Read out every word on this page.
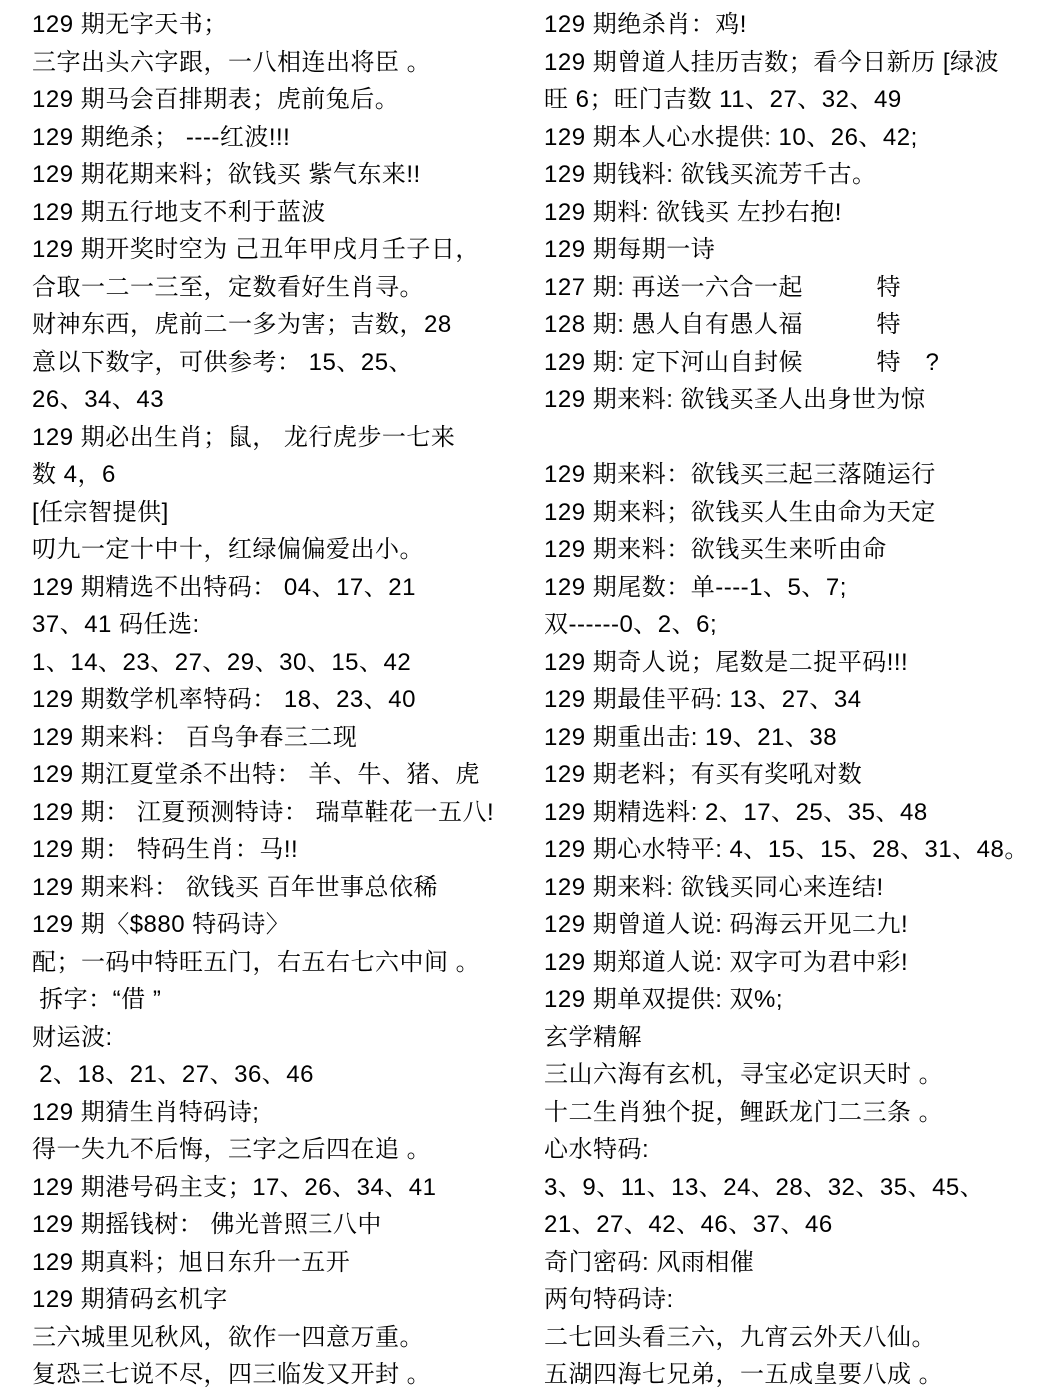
129 期无字天书；
三字出头六字跟，一八相连出将臣 。
129 期马会百排期表；虎前兔后。
129 期绝杀； ----红波!!!
129 期花期来料；欲钱买 紫气东来!!
129 期五行地支不利于蓝波
129 期开奖时空为 己丑年甲戌月壬子日，
合取一二一三至，定数看好生肖寻。
财神东西，虎前二一多为害；吉数，28
意以下数字，可供参考： 15、25、
26、34、43
129 期必出生肖；鼠， 龙行虎步一七来
数 4，6
[任宗智提供]
叨九一定十中十，红绿偏偏爱出小。
129 期精选不出特码： 04、17、21
37、41 码任选:
1、14、23、27、29、30、15、42
129 期数学机率特码： 18、23、40
129 期来料： 百鸟争春三二现
129 期江夏堂杀不出特： 羊、牛、猪、虎
129 期： 江夏预测特诗： 瑞草鞋花一五八!
129 期： 特码生肖：马!!
129 期来料： 欲钱买 百年世事总依稀
129 期〈$880 特码诗〉
配；一码中特旺五门，右五右七六中间 。
拆字：“借 ”
财运波:
2、18、21、27、36、46
129 期猜生肖特码诗;
得一失九不后悔，三字之后四在追 。
129 期港号码主支；17、26、34、41
129 期摇钱树： 佛光普照三八中
129 期真料；旭日东升一五开
129 期猜码玄机字
三六城里见秋风，欲作一四意万重。
复恐三七说不尽，四三临发又开封 。
129 期绝杀肖：鸡!
129 期曾道人挂历吉数；看今日新历 [绿波
旺 6；旺门吉数 11、27、32、49
129 期本人心水提供: 10、26、42;
129 期钱料: 欲钱买流芳千古。
129 期料: 欲钱买 左抄右抱!
129 期每期一诗
127 期: 再送一六合一起　　　特
128 期: 愚人自有愚人福　　　特
129 期: 定下河山自封候　　　特　?
129 期来料: 欲钱买圣人出身世为惊
129 期来料：欲钱买三起三落随运行
129 期来料；欲钱买人生由命为天定
129 期来料：欲钱买生来听由命
129 期尾数：单----1、5、7;
双------0、2、6;
129 期奇人说；尾数是二捉平码!!!
129 期最佳平码: 13、27、34
129 期重出击: 19、21、38
129 期老料；有买有奖吼对数
129 期精选料: 2、17、25、35、48
129 期心水特平: 4、15、15、28、31、48。
129 期来料: 欲钱买同心来连结!
129 期曾道人说: 码海云开见二九!
129 期郑道人说: 双字可为君中彩!
129 期单双提供: 双%;
玄学精解
三山六海有玄机，寻宝必定识天时 。
十二生肖独个捉，鲤跃龙门二三条 。
心水特码:
3、9、11、13、24、28、32、35、45、
21、27、42、46、37、46
奇门密码: 风雨相催
两句特码诗:
二七回头看三六，九宵云外天八仙。
五湖四海七兄弟，一五成皇要八成 。
